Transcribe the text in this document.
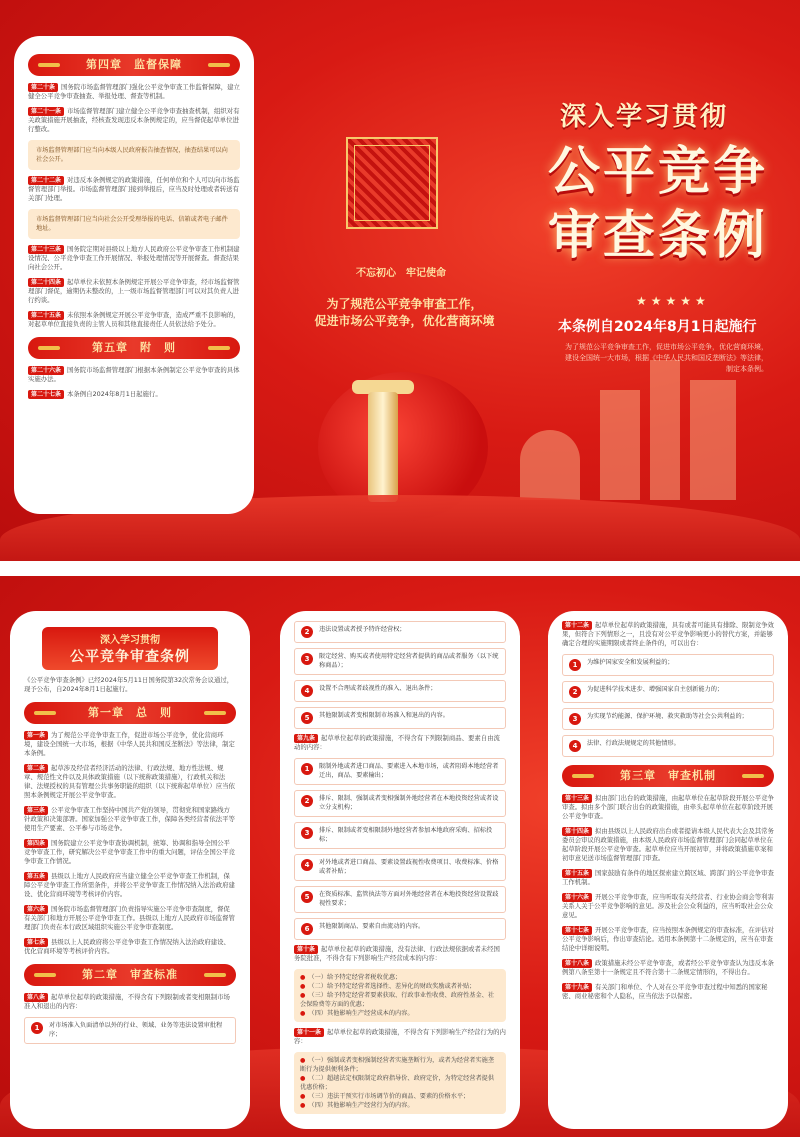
不忘初心　牢记使命
为了规范公平竞争审查工作，
促进市场公平竞争，优化营商环境
深入学习贯彻
公平竞争
审查条例
★★★★★
本条例自2024年8月1日起施行
为了规范公平竞争审查工作，促进市场公平竞争，优化营商环境，建设全国统一大市场，根据《中华人民共和国反垄断法》等法律，制定本条例。
第四章　监督保障
第二十条 国务院市场监督管理部门强化公平竞争审查工作监督保障，建立健全公平竞争审查抽查、举报处理、督查等机制。
第二十一条 市场监督管理部门建立健全公平竞争审查抽查机制，组织对有关政策措施开展抽查，经核查发现违反本条例规定的，应当督促起草单位进行整改。
市场监督管理部门应当向本级人民政府报告抽查情况，抽查结果可以向社会公开。
第二十二条 对违反本条例规定的政策措施，任何单位和个人可以向市场监督管理部门举报。市场监督管理部门接到举报后，应当及时处理或者转送有关部门处理。
市场监督管理部门应当向社会公开受理举报的电话、信箱或者电子邮件地址。
第二十三条 国务院定期对县级以上地方人民政府公平竞争审查工作机制建设情况、公平竞争审查工作开展情况、举报处理情况等开展督查。督查结果向社会公开。
第二十四条 起草单位未依照本条例规定开展公平竞争审查，经市场监督管理部门督促，逾期仍未整改的，上一级市场监督管理部门可以对其负责人进行约谈。
第二十五条 未依照本条例规定开展公平竞争审查，造成严重不良影响的，对起草单位直接负责的主管人员和其他直接责任人员依法给予处分。
第五章　附　则
第二十六条 国务院市场监督管理部门根据本条例制定公平竞争审查的具体实施办法。
第二十七条 本条例自2024年8月1日起施行。
深入学习贯彻
公平竞争审查条例
《公平竞争审查条例》已经2024年5月11日国务院第32次常务会议通过，现予公布，自2024年8月1日起施行。
第一章　总　则
第一条 为了规范公平竞争审查工作，促进市场公平竞争，优化营商环境，建设全国统一大市场，根据《中华人民共和国反垄断法》等法律，制定本条例。
第二条 起草涉及经营者经济活动的法律、行政法规、地方性法规、规章、规范性文件以及具体政策措施（以下统称政策措施），行政机关和法律、法规授权的具有管理公共事务职能的组织（以下统称起草单位）应当依照本条例规定开展公平竞争审查。
第三条 公平竞争审查工作坚持中国共产党的领导，贯彻党和国家路线方针政策和决策部署。国家加强公平竞争审查工作，保障各类经营者依法平等使用生产要素、公平参与市场竞争。
第四条 国务院建立公平竞争审查协调机制，统筹、协调和指导全国公平竞争审查工作，研究解决公平竞争审查工作中的重大问题，评估全国公平竞争审查工作情况。
第五条 县级以上地方人民政府应当建立健全公平竞争审查工作机制，保障公平竞争审查工作所需条件，并将公平竞争审查工作情况纳入法治政府建设、优化营商环境等考核评价内容。
第六条 国务院市场监督管理部门负责指导实施公平竞争审查制度，督促有关部门和地方开展公平竞争审查工作。县级以上地方人民政府市场监督管理部门负责在本行政区域组织实施公平竞争审查制度。
第七条 县级以上人民政府将公平竞争审查工作情况纳入法治政府建设、优化营商环境等考核评价内容。
第二章　审查标准
第八条 起草单位起草的政策措施，不得含有下列限制或者变相限制市场准入和退出的内容：
1	对市场准入负面清单以外的行业、领域、业务等违法设置审批程序；
2	违法设置或者授予特许经营权；
3	限定经营、购买或者使用特定经营者提供的商品或者服务（以下统称商品）；
4	设置不合理或者歧视性的准入、退出条件；
5	其他限制或者变相限制市场准入和退出的内容。
第九条 起草单位起草的政策措施，不得含有下列限制商品、要素自由流动的内容：
1	限制外地或者进口商品、要素进入本地市场，或者阻碍本地经营者迁出，商品、要素输出；
2	排斥、限制、强制或者变相强制外地经营者在本地投资经营或者设立分支机构；
3	排斥、限制或者变相限制外地经营者参加本地政府采购、招标投标；
4	对外地或者进口商品、要素设置歧视性收费项目、收费标准、价格或者补贴；
5	在资质标准、监管执法等方面对外地经营者在本地投资经营设置歧视性要求；
6	其他限制商品、要素自由流动的内容。
第十条 起草单位起草的政策措施，没有法律、行政法规依据或者未经国务院批准，不得含有下列影响生产经营成本的内容：
● （一）给予特定经营者税收优惠；
● （二）给予特定经营者选择性、差异化的财政奖励或者补贴；
● （三）给予特定经营者要素获取、行政事业性收费、政府性基金、社会保险费等方面的优惠；
● （四）其他影响生产经营成本的内容。
第十一条 起草单位起草的政策措施，不得含有下列影响生产经营行为的内容：
● （一）强制或者变相强制经营者实施垄断行为，或者为经营者实施垄断行为提供便利条件；
● （二）超越法定权限制定政府指导价、政府定价，为特定经营者提供优惠价格；
● （三）违法干预实行市场调节价的商品、要素的价格水平；
● （四）其他影响生产经营行为的内容。
第十二条 起草单位起草的政策措施，具有或者可能具有排除、限制竞争效果，但符合下列情形之一，且没有对公平竞争影响更小的替代方案，并能够确定合理的实施期限或者终止条件的，可以出台：
1	为维护国家安全和发展利益的；
2	为促进科学技术进步、增强国家自主创新能力的；
3	为实现节约能源、保护环境、救灾救助等社会公共利益的；
4	法律、行政法规规定的其他情形。
第三章　审查机制
第十三条 拟由部门出台的政策措施，由起草单位在起草阶段开展公平竞争审查。拟由多个部门联合出台的政策措施，由牵头起草单位在起草阶段开展公平竞争审查。
第十四条 拟由县级以上人民政府出台或者提请本级人民代表大会及其常务委员会审议的政策措施，由本级人民政府市场监督管理部门会同起草单位在起草阶段开展公平竞争审查。起草单位应当开展初审，并将政策措施草案和初审意见送市场监督管理部门审查。
第十五条 国家鼓励有条件的地区探索建立跨区域、跨部门的公平竞争审查工作机制。
第十六条 开展公平竞争审查，应当听取有关经营者、行业协会商会等利害关系人关于公平竞争影响的意见。涉及社会公众利益的，应当听取社会公众意见。
第十七条 开展公平竞争审查，应当按照本条例规定的审查标准，在评估对公平竞争影响后，作出审查结论。适用本条例第十二条规定的，应当在审查结论中详细说明。
第十八条 政策措施未经公平竞争审查，或者经公平竞争审查认为违反本条例第八条至第十一条规定且不符合第十二条规定情形的，不得出台。
第十九条 有关部门和单位、个人对在公平竞争审查过程中知悉的国家秘密、商业秘密和个人隐私，应当依法予以保密。
